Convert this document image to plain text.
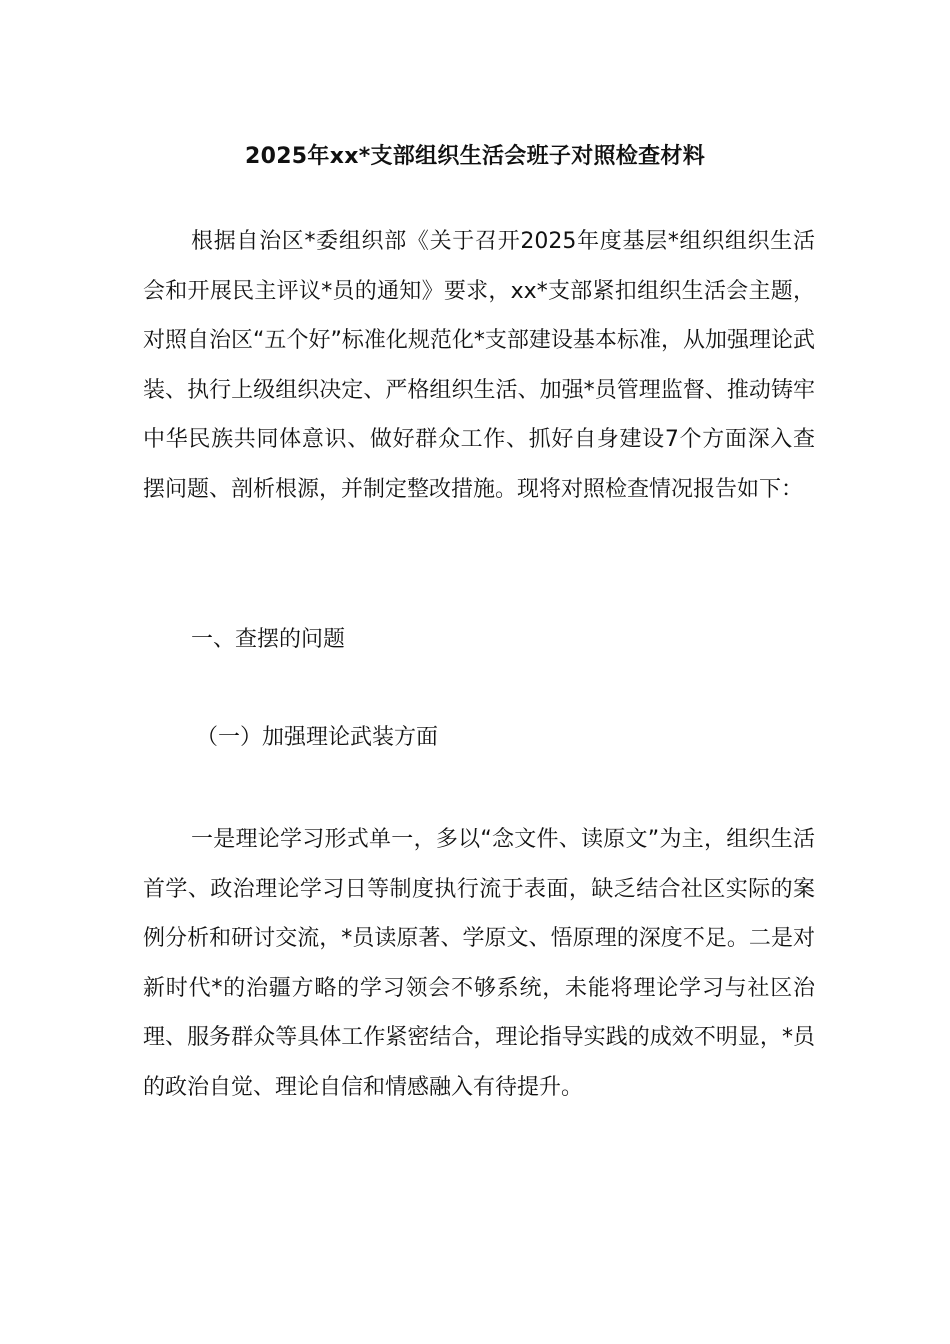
2025年xx*支部组织生活会班子对照检查材料

根据自治区*委组织部《关于召开2025年度基层*组织组织生活会和开展民主评议*员的通知》要求，xx*支部紧扣组织生活会主题，对照自治区“五个好”标准化规范化*支部建设基本标准，从加强理论武装、执行上级组织决定、严格组织生活、加强*员管理监督、推动铸牢中华民族共同体意识、做好群众工作、抓好自身建设7个方面深入查摆问题、剖析根源，并制定整改措施。现将对照检查情况报告如下：

一、查摆的问题
（一）加强理论武装方面

一是理论学习形式单一，多以“念文件、读原文”为主，组织生活首学、政治理论学习日等制度执行流于表面，缺乏结合社区实际的案例分析和研讨交流，*员读原著、学原文、悟原理的深度不足。二是对新时代*的治疆方略的学习领会不够系统，未能将理论学习与社区治理、服务群众等具体工作紧密结合，理论指导实践的成效不明显，*员的政治自觉、理论自信和情感融入有待提升。
